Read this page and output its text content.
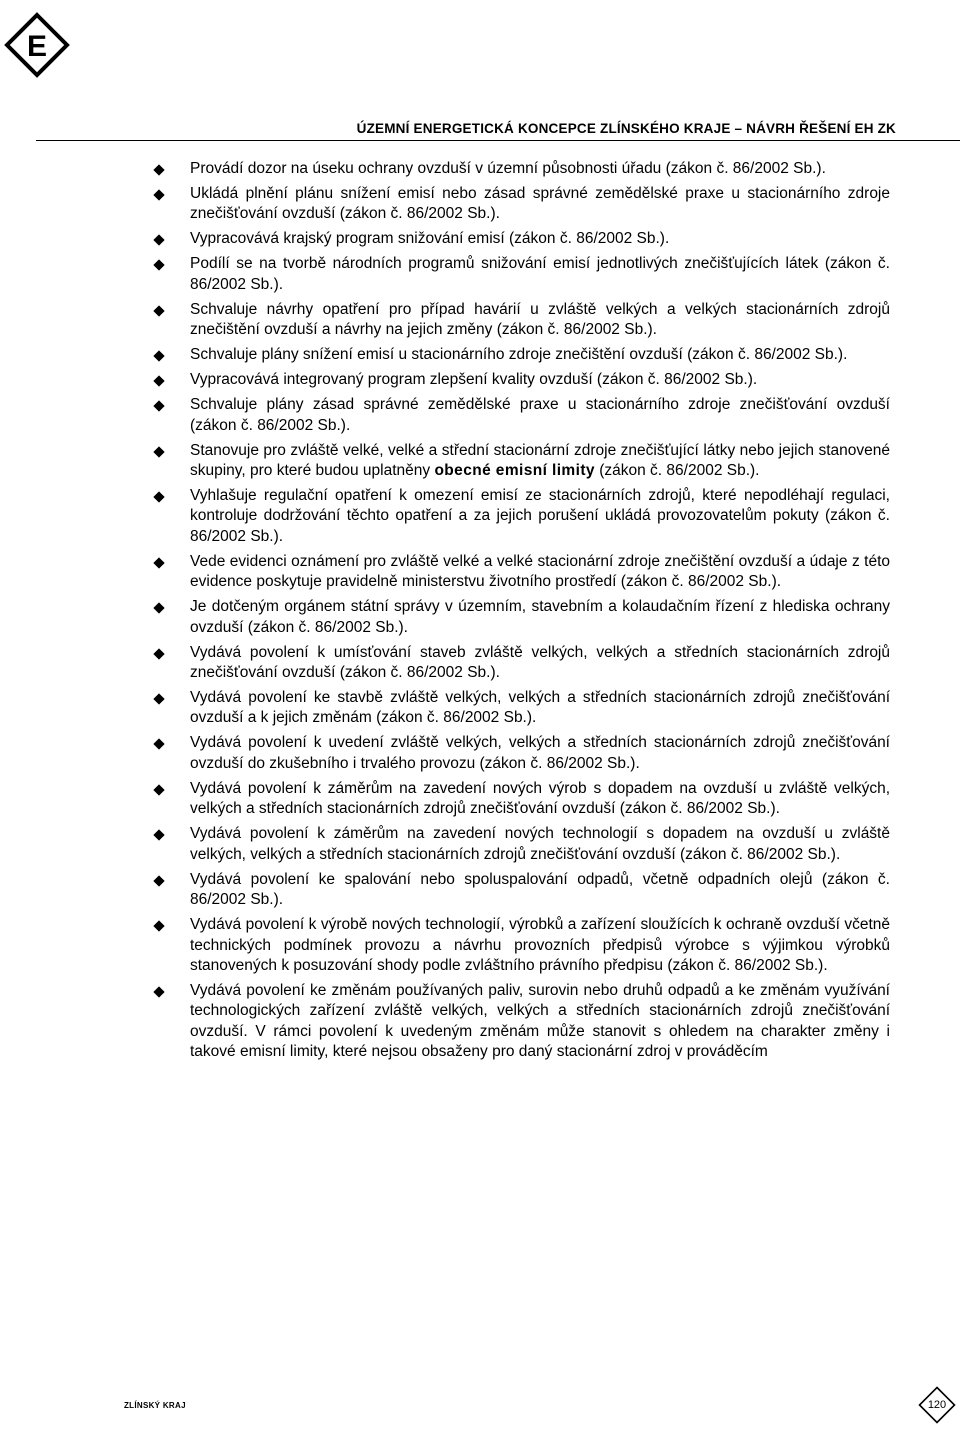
E
ÚZEMNÍ ENERGETICKÁ KONCEPCE ZLÍNSKÉHO KRAJE – NÁVRH ŘEŠENÍ EH ZK
Provádí dozor na úseku ochrany ovzduší v územní působnosti úřadu (zákon č. 86/2002 Sb.).
Ukládá plnění plánu snížení emisí nebo zásad správné zemědělské praxe u stacionárního zdroje znečišťování ovzduší (zákon č. 86/2002 Sb.).
Vypracovává krajský program snižování emisí (zákon č. 86/2002 Sb.).
Podílí se na tvorbě národních programů snižování emisí jednotlivých znečišťujících látek (zákon č. 86/2002 Sb.).
Schvaluje návrhy opatření pro případ havárií u zvláště velkých a velkých stacionárních zdrojů znečištění ovzduší a návrhy na jejich změny (zákon č. 86/2002 Sb.).
Schvaluje plány snížení emisí u stacionárního zdroje znečištění ovzduší (zákon č. 86/2002 Sb.).
Vypracovává integrovaný program zlepšení kvality ovzduší (zákon č. 86/2002 Sb.).
Schvaluje plány zásad správné zemědělské praxe u stacionárního zdroje znečišťování ovzduší (zákon č. 86/2002 Sb.).
Stanovuje pro zvláště velké, velké a střední stacionární zdroje znečišťující látky nebo jejich stanovené skupiny, pro které budou uplatněny obecné emisní limity (zákon č. 86/2002 Sb.).
Vyhlašuje regulační opatření k omezení emisí ze stacionárních zdrojů, které nepodléhají regulaci, kontroluje dodržování těchto opatření a za jejich porušení ukládá provozovatelům pokuty (zákon č. 86/2002 Sb.).
Vede evidenci oznámení pro zvláště velké a velké stacionární zdroje znečištění ovzduší a údaje z této evidence poskytuje pravidelně ministerstvu životního prostředí (zákon č. 86/2002 Sb.).
Je dotčeným orgánem státní správy v územním, stavebním a kolaudačním řízení z hlediska ochrany ovzduší (zákon č. 86/2002 Sb.).
Vydává povolení k umísťování staveb zvláště velkých, velkých a středních stacionárních zdrojů znečišťování ovzduší (zákon č. 86/2002 Sb.).
Vydává povolení ke stavbě zvláště velkých, velkých a středních stacionárních zdrojů znečišťování ovzduší a k jejich změnám (zákon č. 86/2002 Sb.).
Vydává povolení k uvedení zvláště velkých, velkých a středních stacionárních zdrojů znečišťování ovzduší do zkušebního i trvalého provozu (zákon č. 86/2002 Sb.).
Vydává povolení k záměrům na zavedení nových výrob s dopadem na ovzduší u zvláště velkých, velkých a středních stacionárních zdrojů znečišťování ovzduší (zákon č. 86/2002 Sb.).
Vydává povolení k záměrům na zavedení nových technologií s dopadem na ovzduší u zvláště velkých, velkých a středních stacionárních zdrojů znečišťování ovzduší (zákon č. 86/2002 Sb.).
Vydává povolení ke spalování nebo spoluspalování odpadů, včetně odpadních olejů (zákon č. 86/2002 Sb.).
Vydává povolení k výrobě nových technologií, výrobků a zařízení sloužících k ochraně ovzduší včetně technických podmínek provozu a návrhu provozních předpisů výrobce s výjimkou výrobků stanovených k posuzování shody podle zvláštního právního předpisu (zákon č. 86/2002 Sb.).
Vydává povolení ke změnám používaných paliv, surovin nebo druhů odpadů a ke změnám využívání technologických zařízení zvláště velkých, velkých a středních stacionárních zdrojů znečišťování ovzduší. V rámci povolení k uvedeným změnám může stanovit s ohledem na charakter změny i takové emisní limity, které nejsou obsaženy pro daný stacionární zdroj v prováděcím
ZLÍNSKÝ KRAJ	120
